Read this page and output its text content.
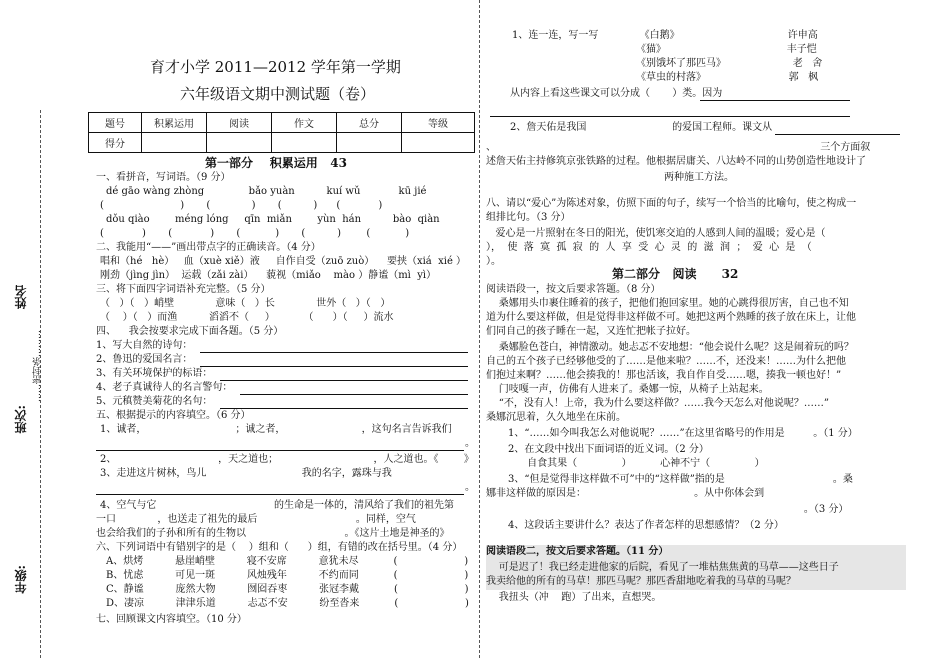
姓名
……密封条………
班次:
年级:
育才小学 2011—2012 学年第一学期
六年级语文期中测试题（卷）
题号	积累运用	阅读	作文	总分	等级
得分					
第一部分    积累运用   43
一、看拼音，写词语。（9 分）
dé gāo wàng zhòng              bǎo yuàn          kuí wǔ            kū jié
(                        )       (             )       (          )      (            )
dǒu qiào        méng lóng     qīn  miǎn        yùn  hán          bào  qiàn
(            )       (            )       (           )       (          )        (           )
二、我能用“——”画出带点字的正确读音。（4 分）
唱和（hé   hè）   血（xuè xiě）液     自作自受（zuō zuò）    要挟（xiá  xié ）
刚劲（jìng jìn）  运载（zǎi zài）    藐视（miǎo    mào ）静谧（mì  yì）
三、将下面四字词语补充完整。（5 分）
（   ）（   ）峭壁             意味（   ）长             世外（   ）（   ）
（    ）（   ）而渔          滔滔不（     ）         （      ）（     ）流水
四、    我会按要求完成下面各题。（5 分）
1、写大自然的诗句：
2、鲁迅的爱国名言：
3、有关环境保护的标语：
4、老子真诚待人的名言警句：
5、元稹赞美菊花的名句：
五、根据提示的内容填空。（6 分）
1、诚者，                            ；诚之者，                        ，这句名言告诉我们
。
2、                                ，天之道也；                              ，人之道也。《        》
3、走进这片树林，鸟儿                              我的名字，露珠与我
。
4、空气与它                                     的生命是一体的，清风给了我们的祖先第
一口             ，也送走了祖先的最后                               。同样，空气
也会给我们的子孙和所有的生物以                               。《这片土地是神圣的》
六、下列词语中有错别字的是（    ）组和（      ）组，有错的改在括号里。（4 分）
A、烘烤          悬崖峭壁          寝不安席          意犹未尽           (                     )
B、忧虑          可见一斑          风烛残年          不约而同           (                     )
C、静谧          庞然大物          囫囵吞枣          张冠李戴           (                     )
D、凄凉          津津乐道          忐忑不安          纷至沓来           (                     )
七、回顾课文内容填空。（10 分）
1、连一连，写一写             《白鹅》                                  许申高
《猫》                                      丰子恺
《别饿坏了那匹马》                     老   舍
《草虫的村落》                          郭   枫
从内容上看这些课文可以分成（       ）类。因为
2、詹天佑是我国                           的爱国工程师。课文从
、                                                                                                      三个方面叙
述詹天佑主持修筑京张铁路的过程。他根据居庸关、八达岭不同的山势创造性地设计了
两种施工方法。
八、请以“爱心”为陈述对象，仿照下面的句子，续写一个恰当的比喻句，使之构成一
组排比句。（3 分）
爱心是一片照射在冬日的阳光，使饥寒交迫的人感到人间的温暖；爱心是（
），  使  落  寞  孤  寂  的  人  享  受  心  灵  的  滋  润  ；  爱  心  是  （
）。
第二部分   阅读      32
阅读语段一，按文后要求答题。（8 分）
桑娜用头巾裹住睡着的孩子，把他们抱回家里。她的心跳得很厉害，自己也不知
道为什么要这样做，但是觉得非这样做不可。她把这两个熟睡的孩子放在床上，让他
们同自己的孩子睡在一起，又连忙把帐子拉好。
桑娜脸色苍白，神情激动。她忐忑不安地想：“他会说什么呢？这是闹着玩的吗？
自己的五个孩子已经够他受的了……是他来啦？……不，还没来！……为什么把他
们抱过来啊？……他会揍我的！那也活该，我自作自受……嗯，揍我一顿也好！”
门吱嘎一声，仿佛有人进来了。桑娜一惊，从椅子上站起来。
“不，没有人！上帝，我为什么要这样做？……我今天怎么对他说呢？……”
桑娜沉思着，久久地坐在床前。
1、“……如今叫我怎么对他说呢？……”在这里省略号的作用是         。（1 分）
2、在文段中找出下面词语的近义词。（2 分）
自食其果（              ）         心神不宁（              ）
3、“但是觉得非这样做不可”中的“这样做”指的是                                  。桑
娜非这样做的原因是：                                  。从中你体会到
。（3 分）
4、这段话主要讲什么？表达了作者怎样的思想感情？（2 分）
阅读语段二，按文后要求答题。（11 分）
可是迟了！我已经走进他家的后院，看见了一堆枯焦焦黄的马草——这些日子
我卖给他的所有的马草！那匹马呢？那匹香甜地吃着我的马草的马呢？
我扭头（冲    跑）了出来，直想哭。
